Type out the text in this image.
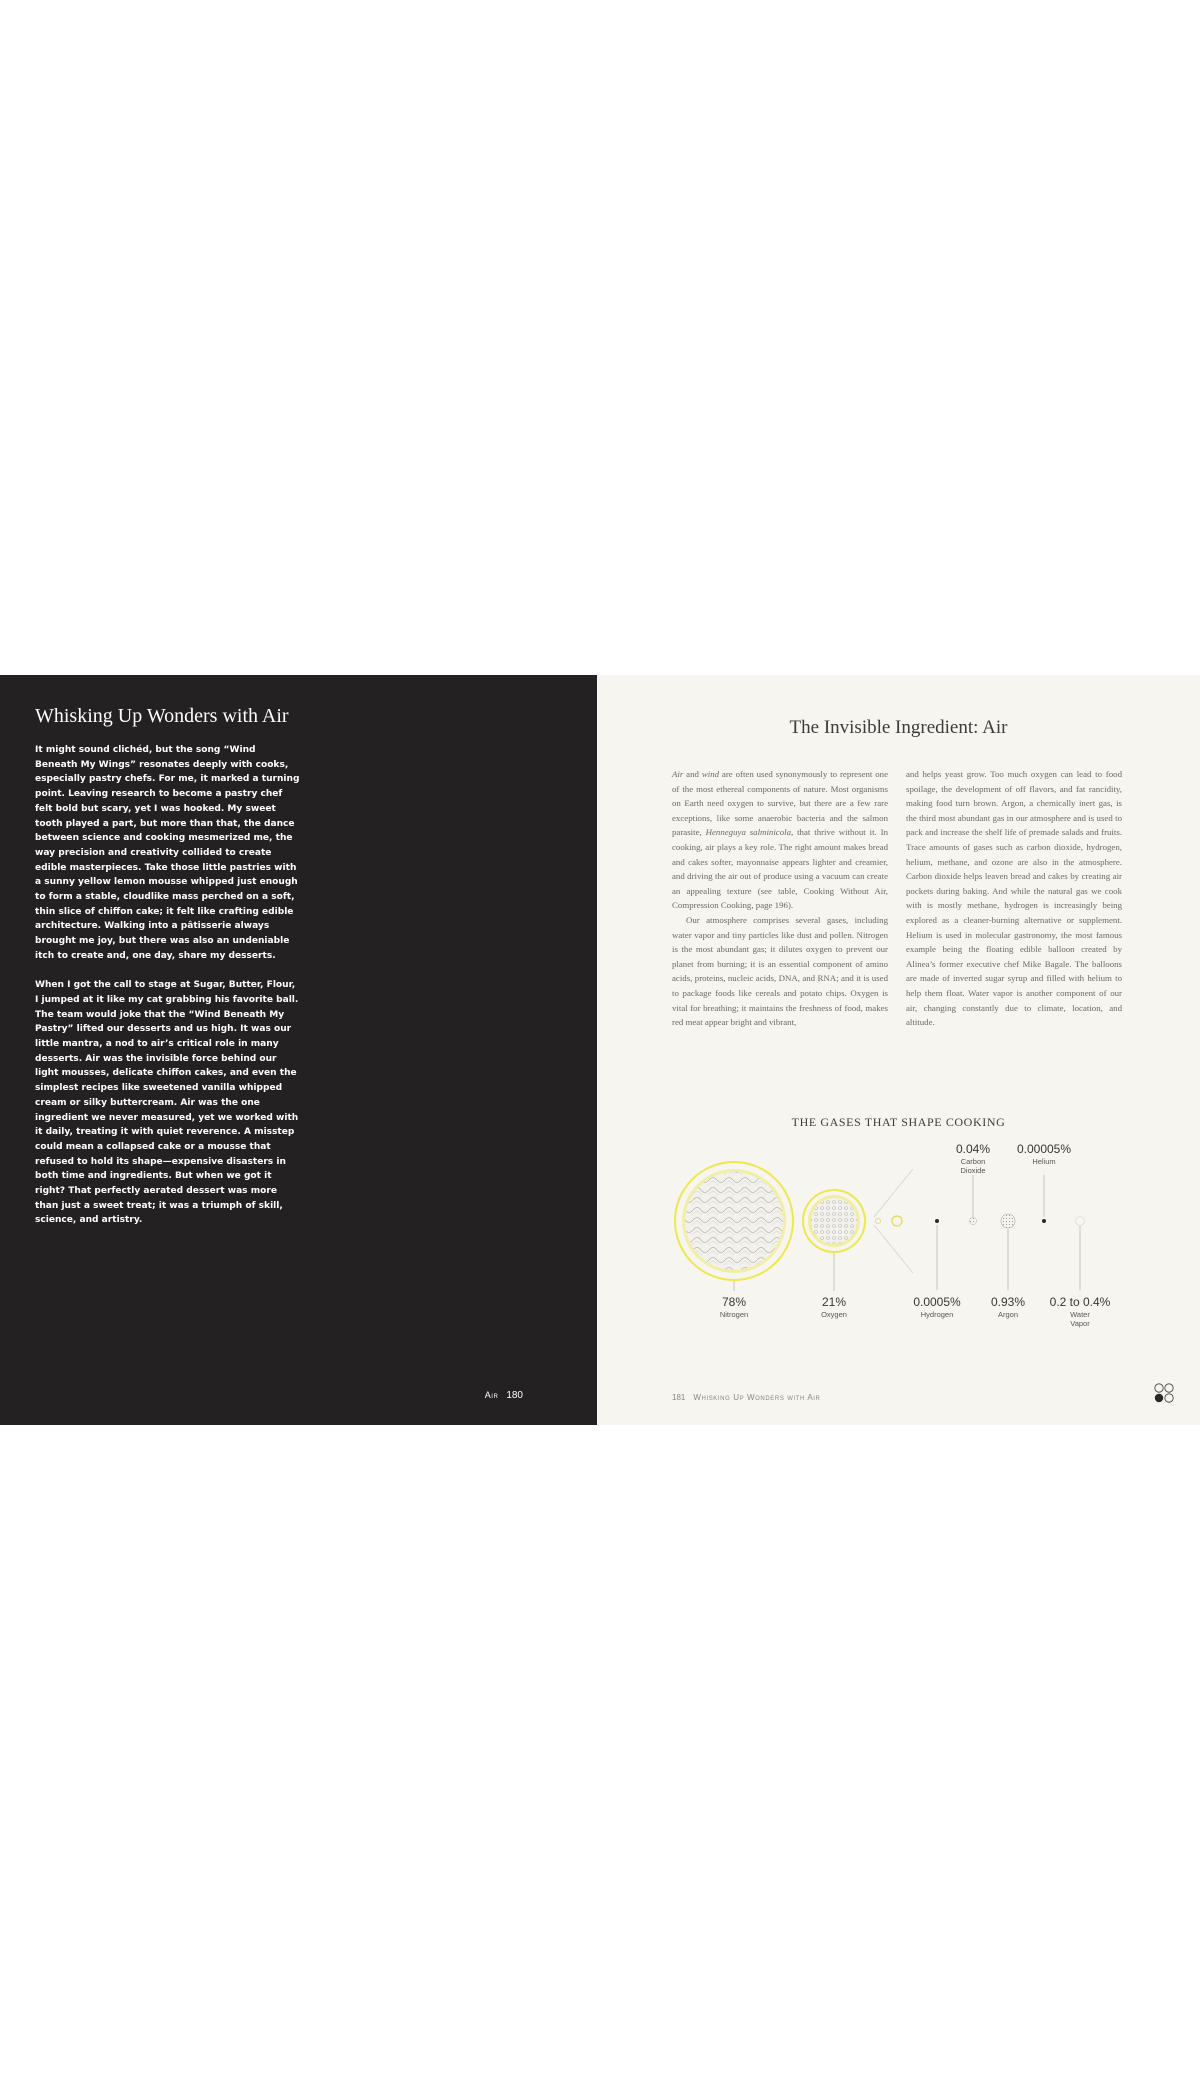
Whisking Up Wonders with Air

It might sound clichéd, but the song “Wind Beneath My Wings” resonates deeply with cooks, especially pastry chefs. For me, it marked a turning point. Leaving research to become a pastry chef felt bold but scary, yet I was hooked. My sweet tooth played a part, but more than that, the dance between science and cooking mesmerized me, the way precision and creativity collided to create edible masterpieces. Take those little pastries with a sunny yellow lemon mousse whipped just enough to form a stable, cloudlike mass perched on a soft, thin slice of chiffon cake; it felt like crafting edible architecture. Walking into a pâtisserie always brought me joy, but there was also an undeniable itch to create and, one day, share my desserts.

When I got the call to stage at Sugar, Butter, Flour, I jumped at it like my cat grabbing his favorite ball. The team would joke that the “Wind Beneath My Pastry” lifted our desserts and us high. It was our little mantra, a nod to air’s critical role in many desserts. Air was the invisible force behind our light mousses, delicate chiffon cakes, and even the simplest recipes like sweetened vanilla whipped cream or silky buttercream. Air was the one ingredient we never measured, yet we worked with it daily, treating it with quiet reverence. A misstep could mean a collapsed cake or a mousse that refused to hold its shape—expensive disasters in both time and ingredients. But when we got it right? That perfectly aerated dessert was more than just a sweet treat; it was a triumph of skill, science, and artistry.

Air 180
The Invisible Ingredient: Air

Air and wind are often used synonymously to represent one of the most ethereal components of nature. Most organisms on Earth need oxygen to survive, but there are a few rare exceptions, like some anaerobic bacteria and the salmon parasite, Henneguya salminicola, that thrive without it. In cooking, air plays a key role. The right amount makes bread and cakes softer, mayonnaise appears lighter and creamier, and driving the air out of produce using a vacuum can create an appealing texture (see table, Cooking Without Air, Compression Cooking, page 196).

Our atmosphere comprises several gases, including water vapor and tiny particles like dust and pollen. Nitrogen is the most abundant gas; it dilutes oxygen to prevent our planet from burning; it is an essential component of amino acids, proteins, nucleic acids, DNA, and RNA; and it is used to package foods like cereals and potato chips. Oxygen is vital for breathing; it maintains the freshness of food, makes red meat appear bright and vibrant,

and helps yeast grow. Too much oxygen can lead to food spoilage, the development of off flavors, and fat rancidity, making food turn brown. Argon, a chemically inert gas, is the third most abundant gas in our atmosphere and is used to pack and increase the shelf life of premade salads and fruits. Trace amounts of gases such as carbon dioxide, hydrogen, helium, methane, and ozone are also in the atmosphere. Carbon dioxide helps leaven bread and cakes by creating air pockets during baking. And while the natural gas we cook with is mostly methane, hydrogen is increasingly being explored as a cleaner-burning alternative or supplement. Helium is used in molecular gastronomy, the most famous example being the floating edible balloon created by Alinea’s former executive chef Mike Bagale. The balloons are made of inverted sugar syrup and filled with helium to help them float. Water vapor is another component of our air, changing constantly due to climate, location, and altitude.

THE GASES THAT SHAPE COOKING
78%
Nitrogen
21%
Oxygen
0.0005%
Hydrogen
0.04%
Carbon Dioxide
0.93%
Argon
0.00005%
Helium
0.2 to 0.4%
Water Vapor
181 Whisking Up Wonders with Air
